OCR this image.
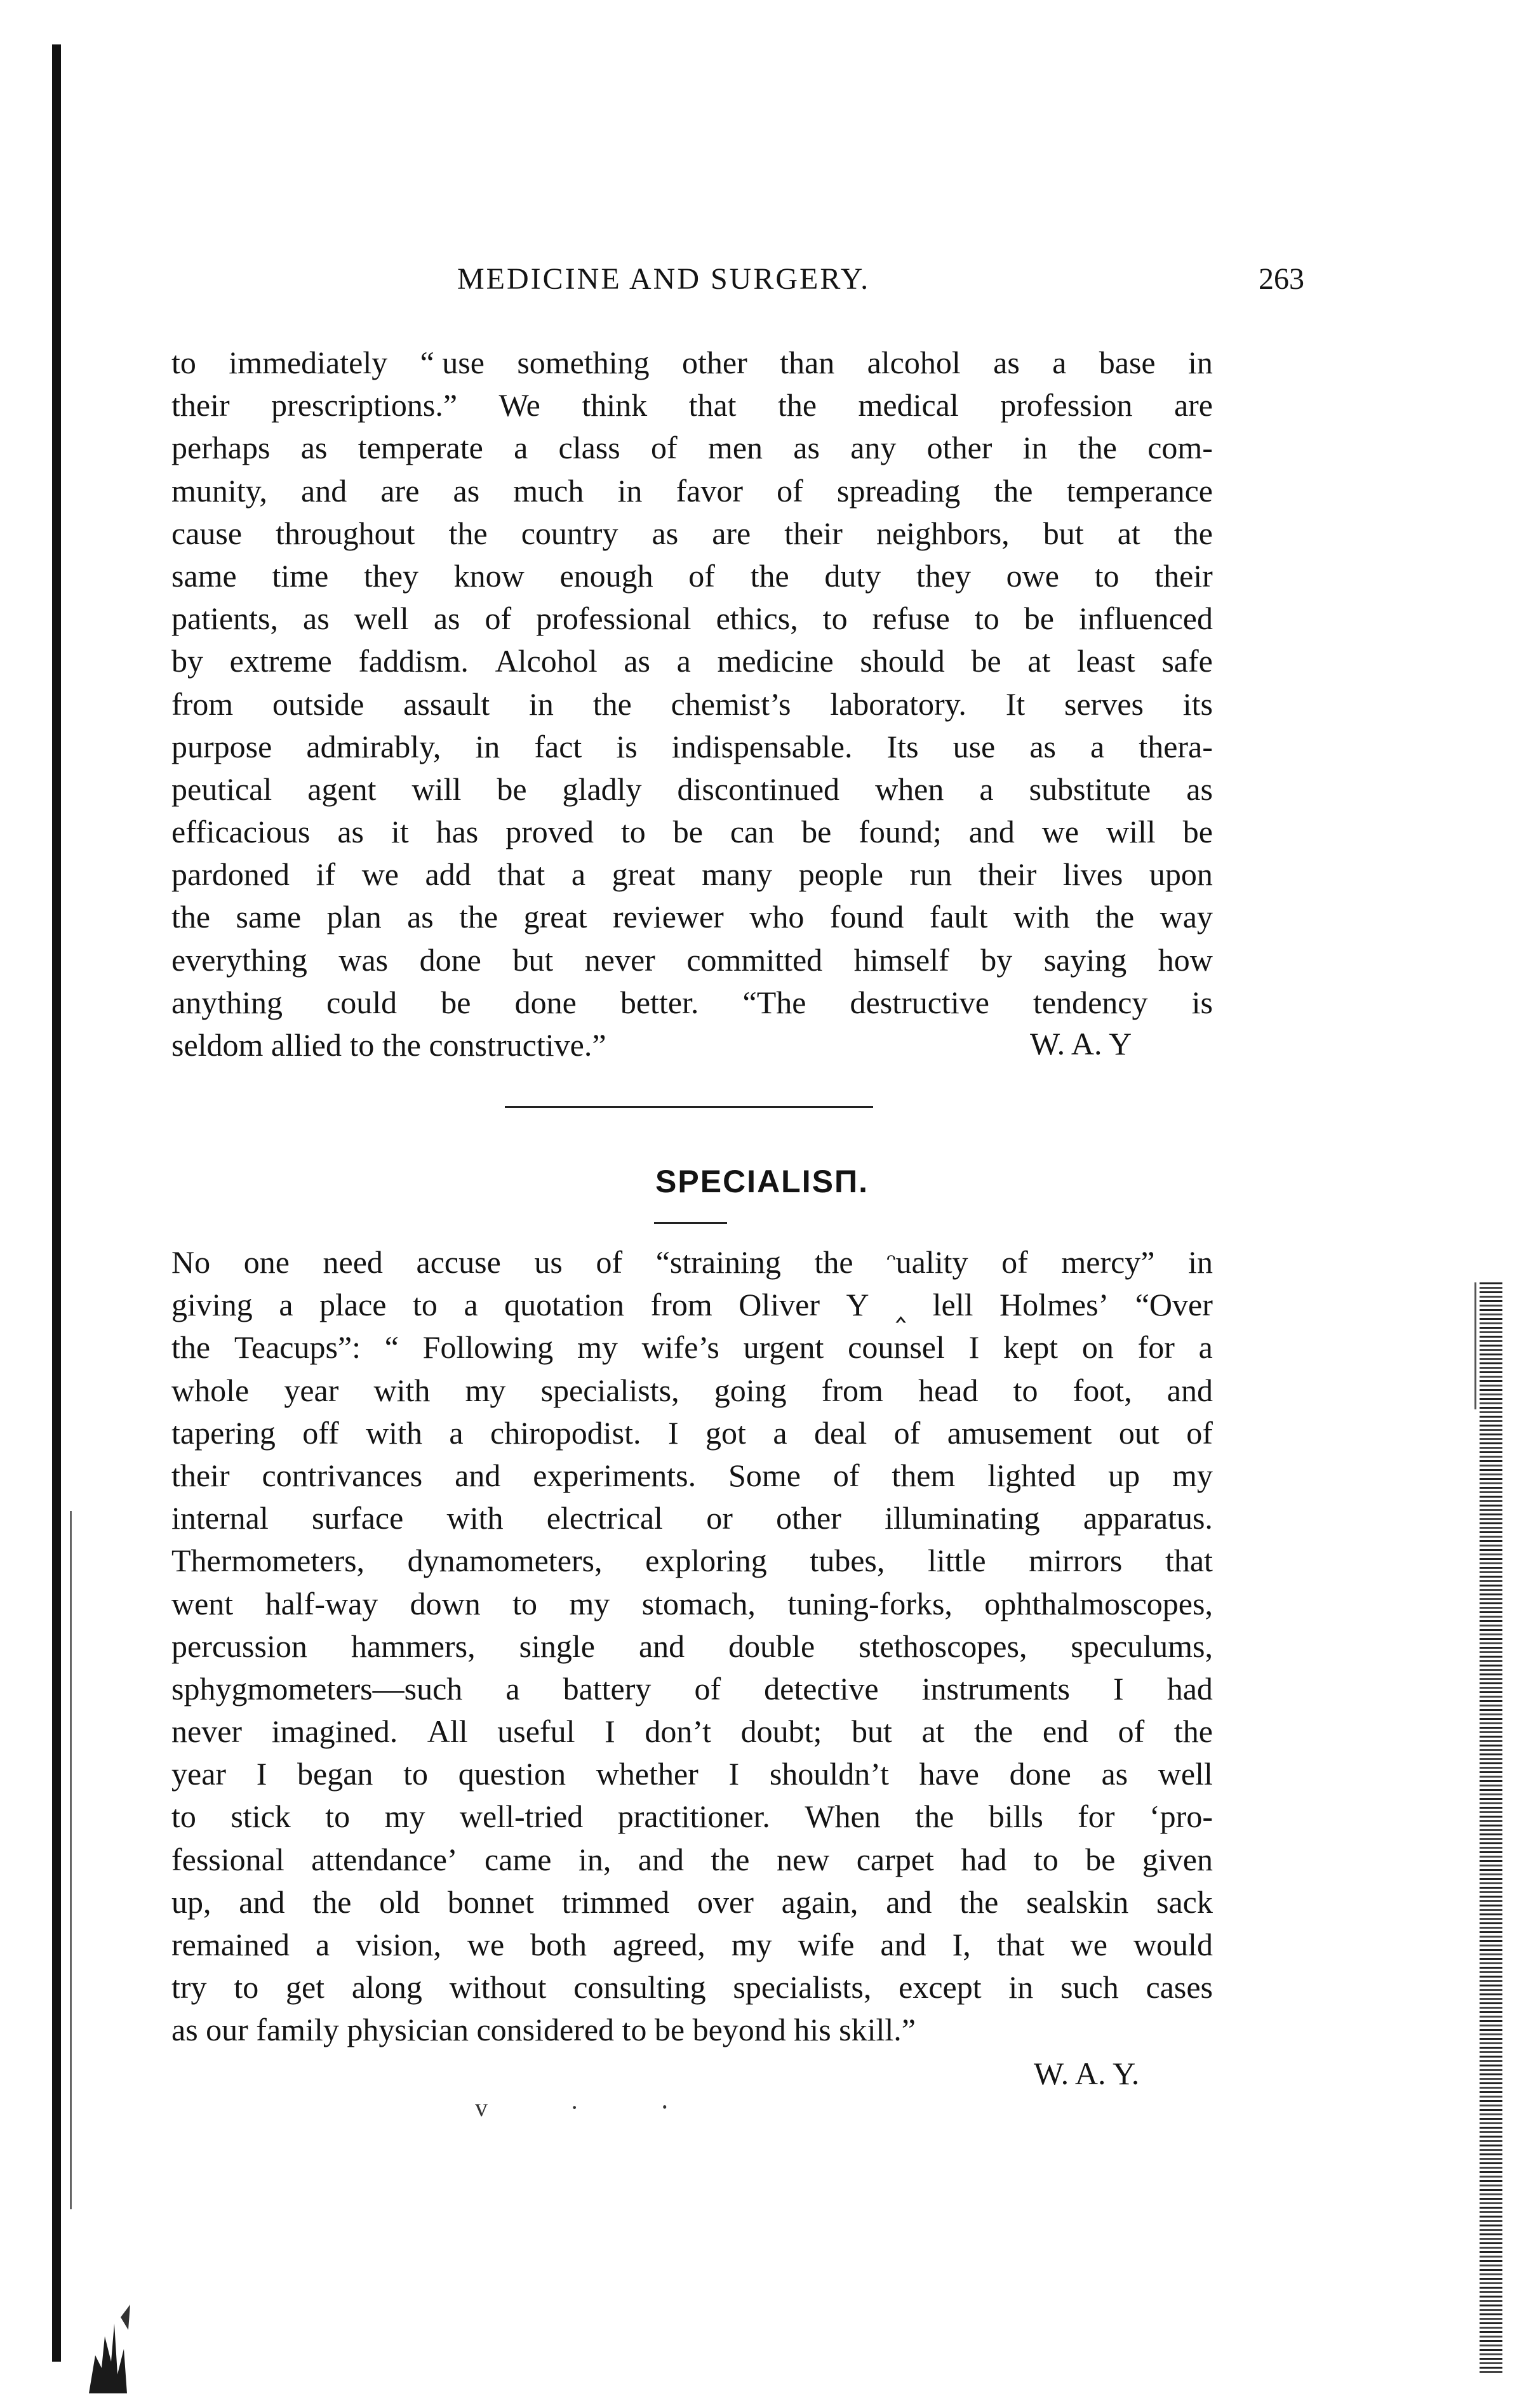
MEDICINE AND SURGERY.	263
to immediately “ use something other than alcohol as a base in
their prescriptions.” We think that the medical profession are
perhaps as temperate a class of men as any other in the com-
munity, and are as much in favor of spreading the temperance
cause throughout the country as are their neighbors, but at the
same time they know enough of the duty they owe to their
patients, as well as of professional ethics, to refuse to be influenced
by extreme faddism. Alcohol as a medicine should be at least safe
from outside assault in the chemist’s laboratory. It serves its
purpose admirably, in fact is indispensable. Its use as a thera-
peutical agent will be gladly discontinued when a substitute as
efficacious as it has proved to be can be found; and we will be
pardoned if we add that a great many people run their lives upon
the same plan as the great reviewer who found fault with the way
everything was done but never committed himself by saying how
anything could be done better. “The destructive tendency is
seldom allied to the constructive.”	W. A. Y
SPECIALISΠ.
No one need accuse us of “straining the ᵔuality of mercy” in
giving a place to a quotation from Oliver Y ‸ lell Holmes’ “Over
the Teacups”: “ Following my wife’s urgent counsel I kept on for a
whole year with my specialists, going from head to foot, and
tapering off with a chiropodist. I got a deal of amusement out of
their contrivances and experiments. Some of them lighted up my
internal surface with electrical or other illuminating apparatus.
Thermometers, dynamometers, exploring tubes, little mirrors that
went half-way down to my stomach, tuning-forks, ophthalmoscopes,
percussion hammers, single and double stethoscopes, speculums,
sphygmometers—such a battery of detective instruments I had
never imagined. All useful I don’t doubt; but at the end of the
year I began to question whether I shouldn’t have done as well
to stick to my well-tried practitioner. When the bills for ‘pro-
fessional attendance’ came in, and the new carpet had to be given
up, and the old bonnet trimmed over again, and the sealskin sack
remained a vision, we both agreed, my wife and I, that we would
try to get along without consulting specialists, except in such cases
as our family physician considered to be beyond his skill.”
W. A. Y.
v · ⸱
